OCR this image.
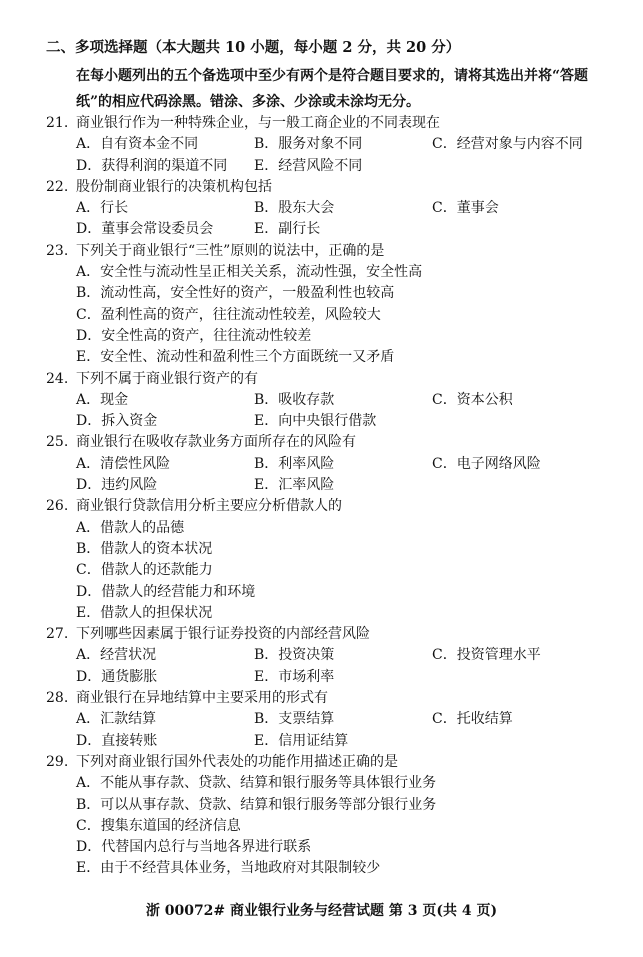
二、多项选择题（本大题共 10 小题，每小题 2 分，共 20 分）
在每小题列出的五个备选项中至少有两个是符合题目要求的，请将其选出并将“答题纸”的相应代码涂黑。错涂、多涂、少涂或未涂均无分。
21. 商业银行作为一种特殊企业，与一般工商企业的不同表现在
A．自有资本金不同	B．服务对象不同	C．经营对象与内容不同
D．获得利润的渠道不同	E．经营风险不同
22. 股份制商业银行的决策机构包括
A．行长	B．股东大会	C．董事会
D．董事会常设委员会	E．副行长
23. 下列关于商业银行“三性”原则的说法中，正确的是
A．安全性与流动性呈正相关关系，流动性强，安全性高
B．流动性高，安全性好的资产，一般盈利性也较高
C．盈利性高的资产，往往流动性较差，风险较大
D．安全性高的资产，往往流动性较差
E．安全性、流动性和盈利性三个方面既统一又矛盾
24. 下列不属于商业银行资产的有
A．现金	B．吸收存款	C．资本公积
D．拆入资金	E．向中央银行借款
25. 商业银行在吸收存款业务方面所存在的风险有
A．清偿性风险	B．利率风险	C．电子网络风险
D．违约风险	E．汇率风险
26. 商业银行贷款信用分析主要应分析借款人的
A．借款人的品德
B．借款人的资本状况
C．借款人的还款能力
D．借款人的经营能力和环境
E．借款人的担保状况
27. 下列哪些因素属于银行证券投资的内部经营风险
A．经营状况	B．投资决策	C．投资管理水平
D．通货膨胀	E．市场利率
28. 商业银行在异地结算中主要采用的形式有
A．汇款结算	B．支票结算	C．托收结算
D．直接转账	E．信用证结算
29. 下列对商业银行国外代表处的功能作用描述正确的是
A．不能从事存款、贷款、结算和银行服务等具体银行业务
B．可以从事存款、贷款、结算和银行服务等部分银行业务
C．搜集东道国的经济信息
D．代替国内总行与当地各界进行联系
E．由于不经营具体业务，当地政府对其限制较少
浙 00072# 商业银行业务与经营试题 第 3 页(共 4 页)
